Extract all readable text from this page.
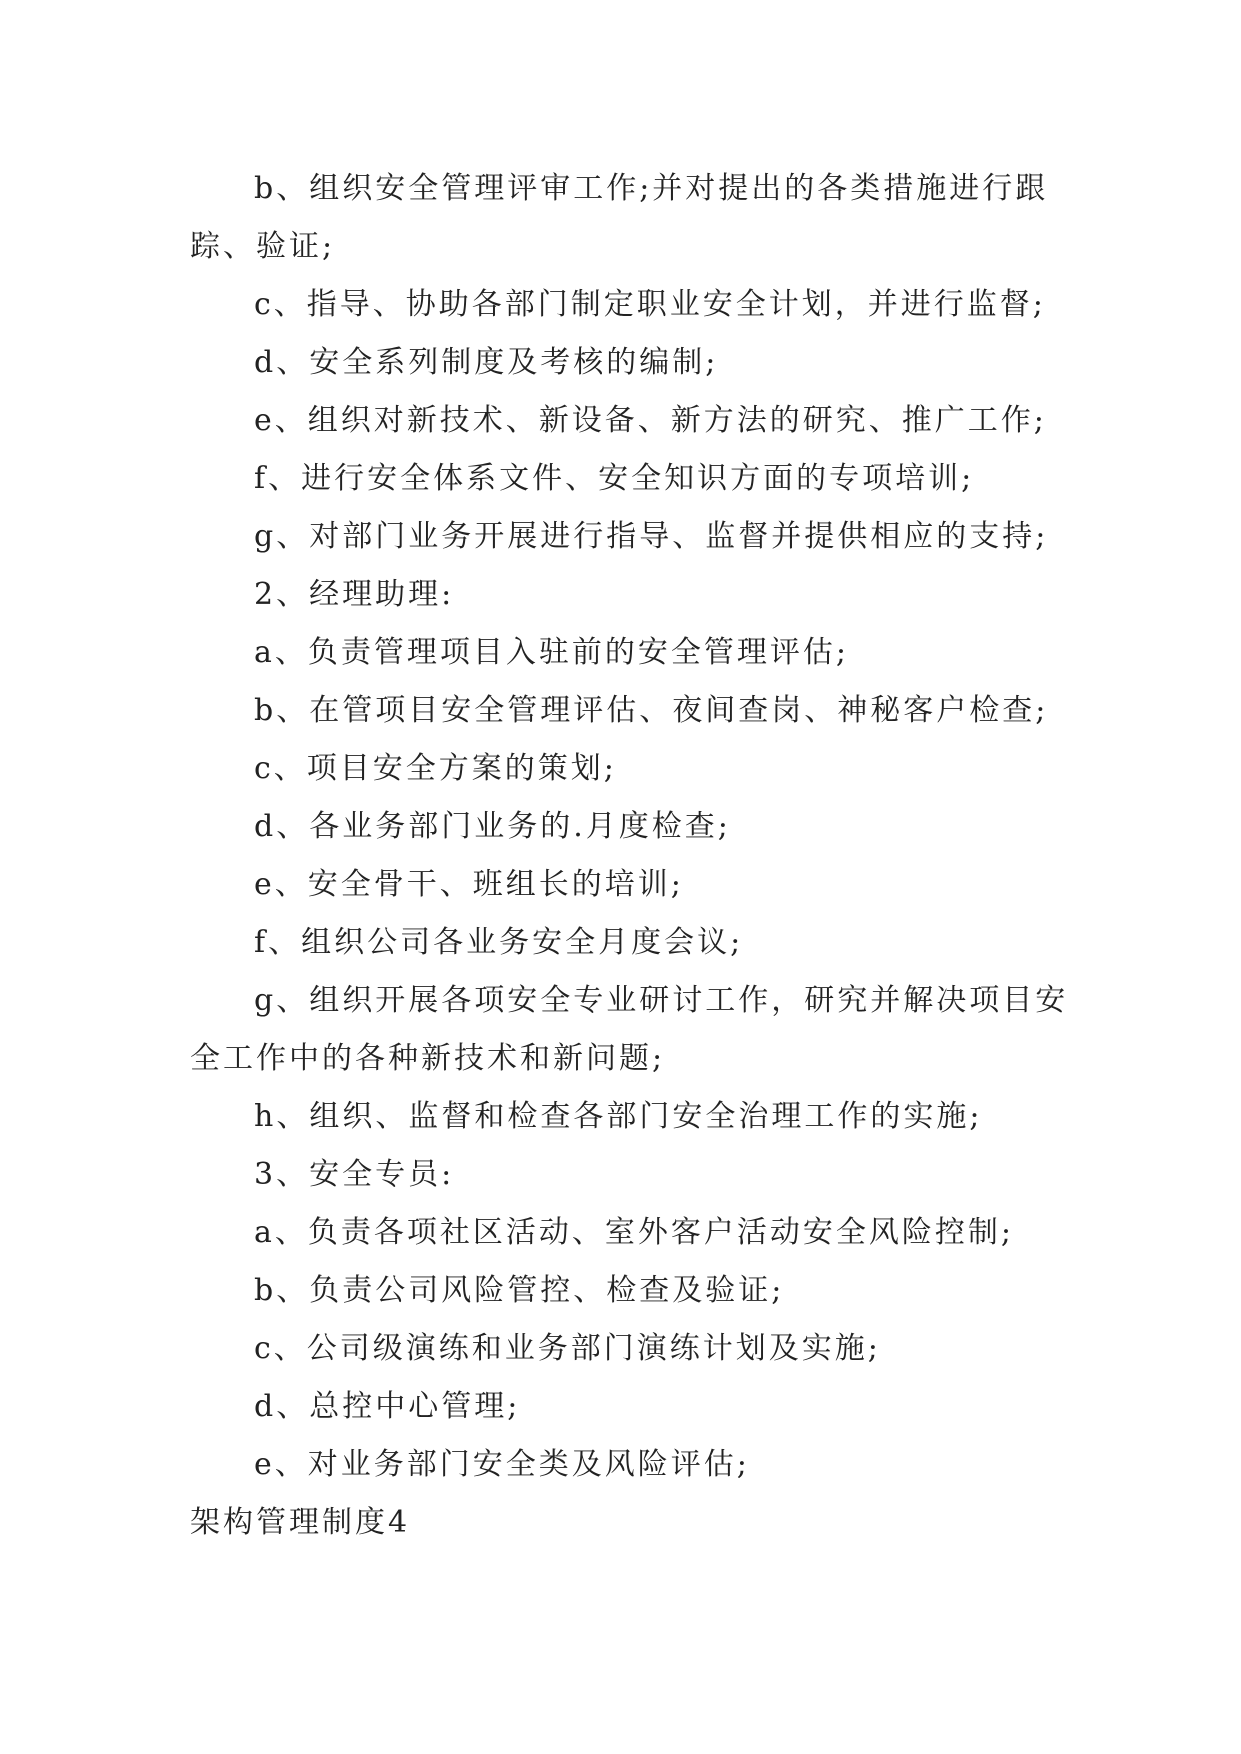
b、组织安全管理评审工作;并对提出的各类措施进行跟踪、验证;

c、指导、协助各部门制定职业安全计划，并进行监督;

d、安全系列制度及考核的编制;

e、组织对新技术、新设备、新方法的研究、推广工作;

f、进行安全体系文件、安全知识方面的专项培训;

g、对部门业务开展进行指导、监督并提供相应的支持;

2、经理助理:

a、负责管理项目入驻前的安全管理评估;

b、在管项目安全管理评估、夜间查岗、神秘客户检查;

c、项目安全方案的策划;

d、各业务部门业务的.月度检查;

e、安全骨干、班组长的培训;

f、组织公司各业务安全月度会议;

g、组织开展各项安全专业研讨工作，研究并解决项目安全工作中的各种新技术和新问题;

h、组织、监督和检查各部门安全治理工作的实施;

3、安全专员:

a、负责各项社区活动、室外客户活动安全风险控制;

b、负责公司风险管控、检查及验证;

c、公司级演练和业务部门演练计划及实施;

d、总控中心管理;

e、对业务部门安全类及风险评估;

架构管理制度4
